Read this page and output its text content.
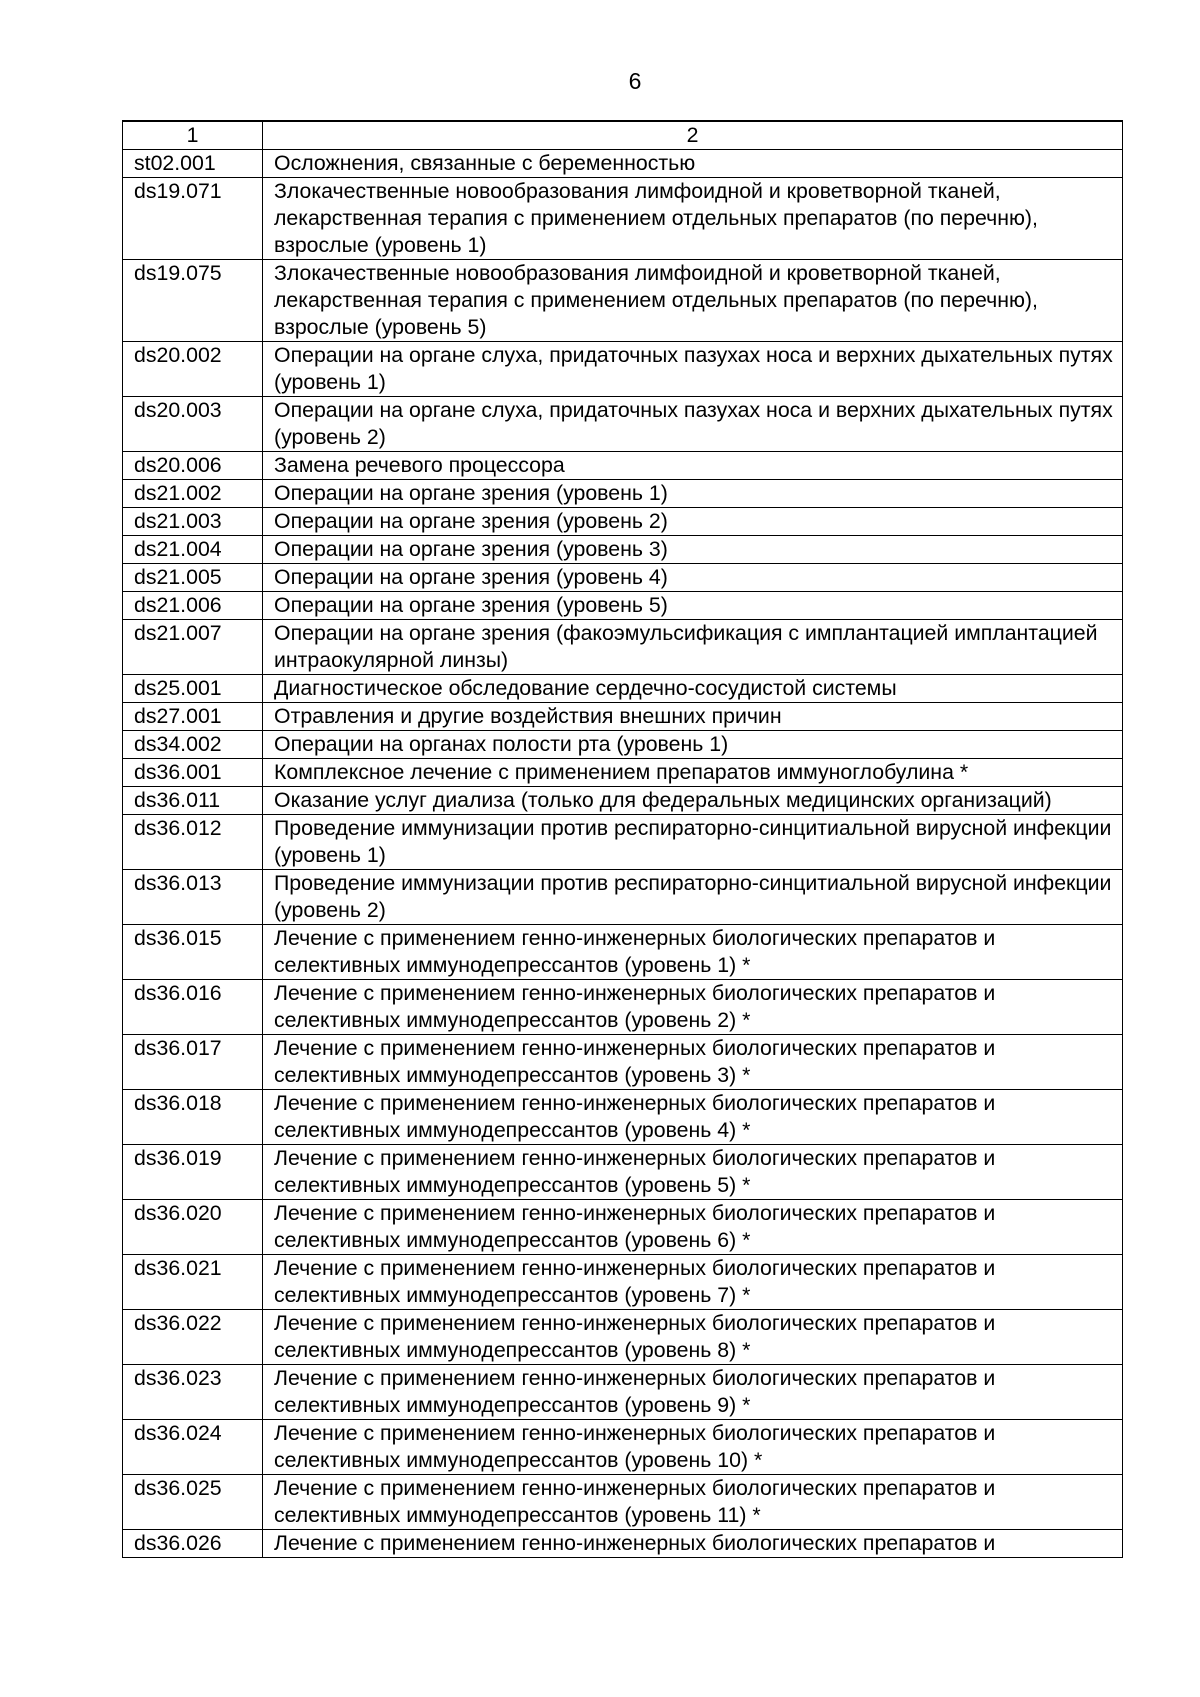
6
1	2
st02.001	Осложнения, связанные с беременностью
ds19.071	Злокачественные новообразования лимфоидной и кроветворной тканей, лекарственная терапия с применением отдельных препаратов (по перечню), взрослые (уровень 1)
ds19.075	Злокачественные новообразования лимфоидной и кроветворной тканей, лекарственная терапия с применением отдельных препаратов (по перечню), взрослые (уровень 5)
ds20.002	Операции на органе слуха, придаточных пазухах носа и верхних дыхательных путях (уровень 1)
ds20.003	Операции на органе слуха, придаточных пазухах носа и верхних дыхательных путях (уровень 2)
ds20.006	Замена речевого процессора
ds21.002	Операции на органе зрения (уровень 1)
ds21.003	Операции на органе зрения (уровень 2)
ds21.004	Операции на органе зрения (уровень 3)
ds21.005	Операции на органе зрения (уровень 4)
ds21.006	Операции на органе зрения (уровень 5)
ds21.007	Операции на органе зрения (факоэмульсификация с имплантацией имплантацией интраокулярной линзы)
ds25.001	Диагностическое обследование сердечно-сосудистой системы
ds27.001	Отравления и другие воздействия внешних причин
ds34.002	Операции на органах полости рта (уровень 1)
ds36.001	Комплексное лечение с применением препаратов иммуноглобулина *
ds36.011	Оказание услуг диализа (только для федеральных медицинских организаций)
ds36.012	Проведение иммунизации против респираторно-синцитиальной вирусной инфекции (уровень 1)
ds36.013	Проведение иммунизации против респираторно-синцитиальной вирусной инфекции (уровень 2)
ds36.015	Лечение с применением генно-инженерных биологических препаратов и селективных иммунодепрессантов (уровень 1) *
ds36.016	Лечение с применением генно-инженерных биологических препаратов и селективных иммунодепрессантов (уровень 2) *
ds36.017	Лечение с применением генно-инженерных биологических препаратов и селективных иммунодепрессантов (уровень 3) *
ds36.018	Лечение с применением генно-инженерных биологических препаратов и селективных иммунодепрессантов (уровень 4) *
ds36.019	Лечение с применением генно-инженерных биологических препаратов и селективных иммунодепрессантов (уровень 5) *
ds36.020	Лечение с применением генно-инженерных биологических препаратов и селективных иммунодепрессантов (уровень 6) *
ds36.021	Лечение с применением генно-инженерных биологических препаратов и селективных иммунодепрессантов (уровень 7) *
ds36.022	Лечение с применением генно-инженерных биологических препаратов и селективных иммунодепрессантов (уровень 8) *
ds36.023	Лечение с применением генно-инженерных биологических препаратов и селективных иммунодепрессантов (уровень 9) *
ds36.024	Лечение с применением генно-инженерных биологических препаратов и селективных иммунодепрессантов (уровень 10) *
ds36.025	Лечение с применением генно-инженерных биологических препаратов и селективных иммунодепрессантов (уровень 11) *
ds36.026	Лечение с применением генно-инженерных биологических препаратов и
